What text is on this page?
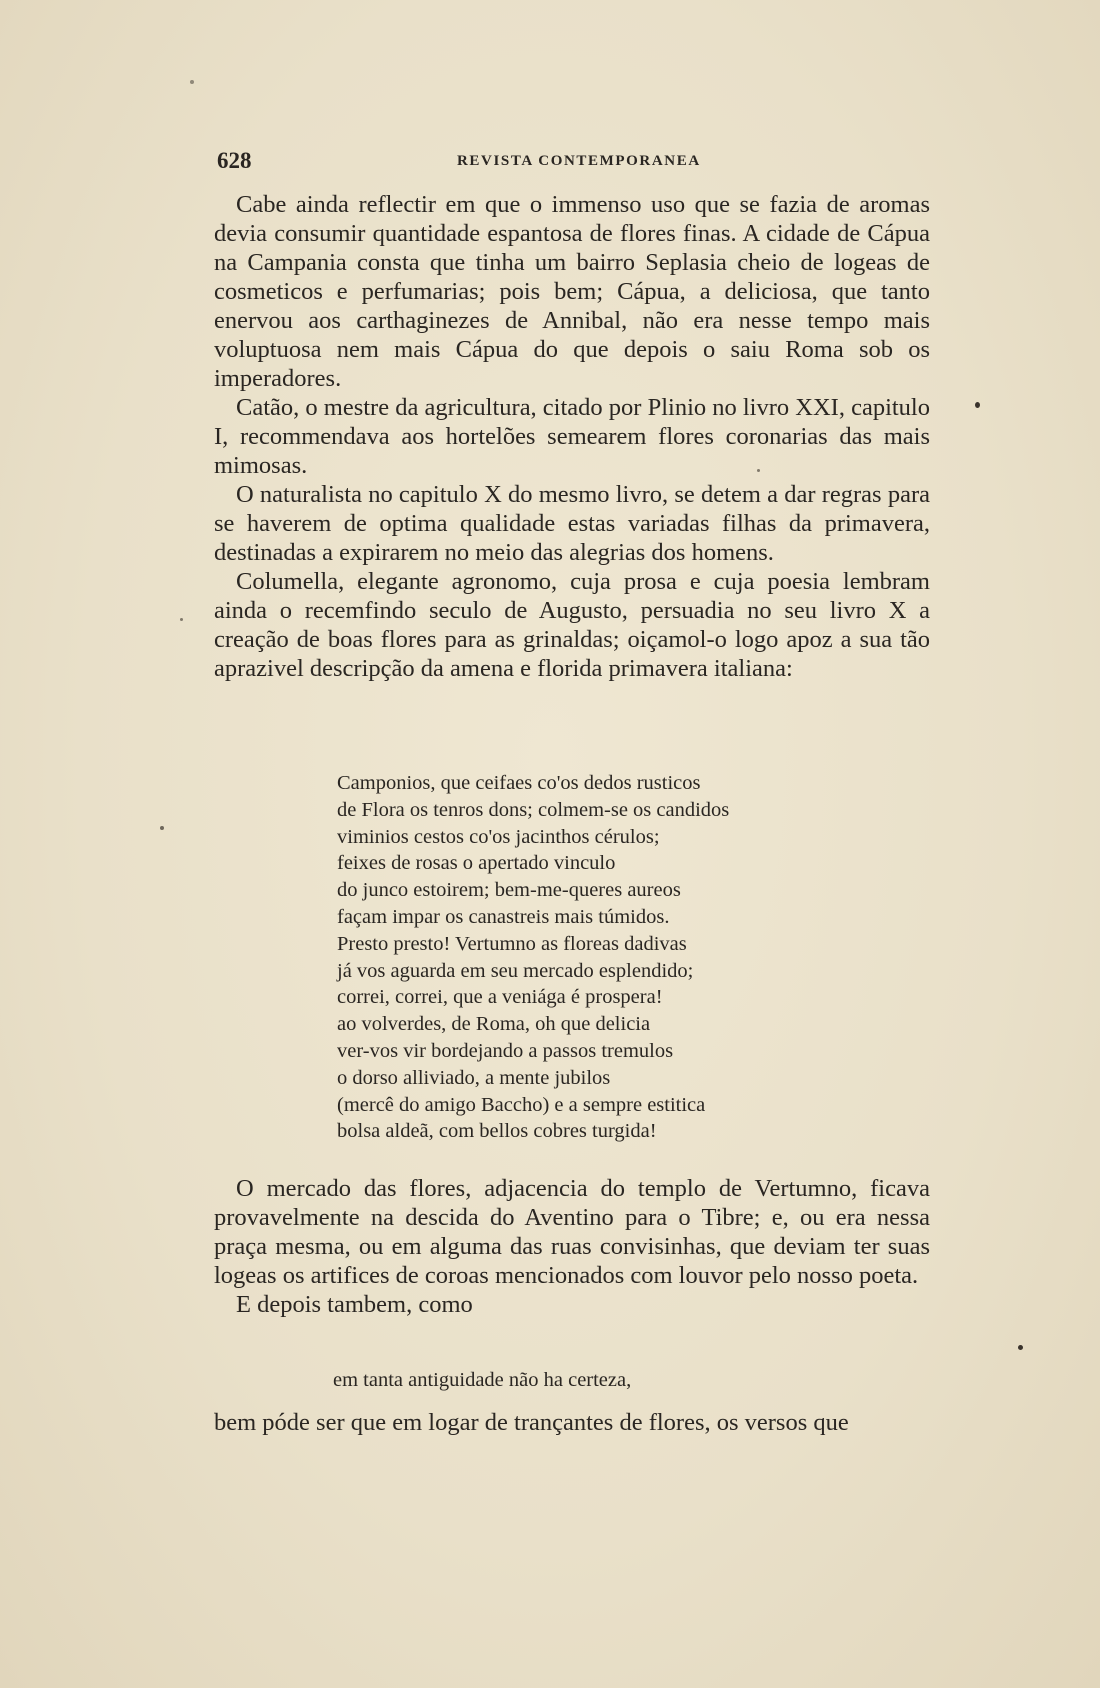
628	REVISTA CONTEMPORANEA

Cabe ainda reflectir em que o immenso uso que se fazia de aromas devia consumir quantidade espantosa de flores finas. A cidade de Cápua na Campania consta que tinha um bairro Seplasia cheio de logeas de cosmeticos e perfumarias; pois bem; Cápua, a deliciosa, que tanto enervou aos carthaginezes de Annibal, não era nesse tempo mais voluptuosa nem mais Cápua do que depois o saiu Roma sob os imperadores.

Catão, o mestre da agricultura, citado por Plinio no livro XXI, capitulo I, recommendava aos hortelões semearem flores coronarias das mais mimosas.

O naturalista no capitulo X do mesmo livro, se detem a dar regras para se haverem de optima qualidade estas variadas filhas da primavera, destinadas a expirarem no meio das alegrias dos homens.

Columella, elegante agronomo, cuja prosa e cuja poesia lembram ainda o recemfindo seculo de Augusto, persuadia no seu livro X a creação de boas flores para as grinaldas; oiçamol-o logo apoz a sua tão aprazivel descripção da amena e florida primavera italiana:

Camponios, que ceifaes co'os dedos rusticos
de Flora os tenros dons; colmem-se os candidos
viminios cestos co'os jacinthos cérulos;
feixes de rosas o apertado vinculo
do junco estoirem; bem-me-queres aureos
façam impar os canastreis mais túmidos.
Presto presto! Vertumno as floreas dadivas
já vos aguarda em seu mercado esplendido;
correi, correi, que a veniága é prospera!
ao volverdes, de Roma, oh que delicia
ver-vos vir bordejando a passos tremulos
o dorso alliviado, a mente jubilos
(mercê do amigo Baccho) e a sempre estitica
bolsa aldeã, com bellos cobres turgida!

O mercado das flores, adjacencia do templo de Vertumno, ficava provavelmente na descida do Aventino para o Tibre; e, ou era nessa praça mesma, ou em alguma das ruas convisinhas, que deviam ter suas logeas os artifices de coroas mencionados com louvor pelo nosso poeta.

E depois tambem, como

em tanta antiguidade não ha certeza,

bem póde ser que em logar de trançantes de flores, os versos que
